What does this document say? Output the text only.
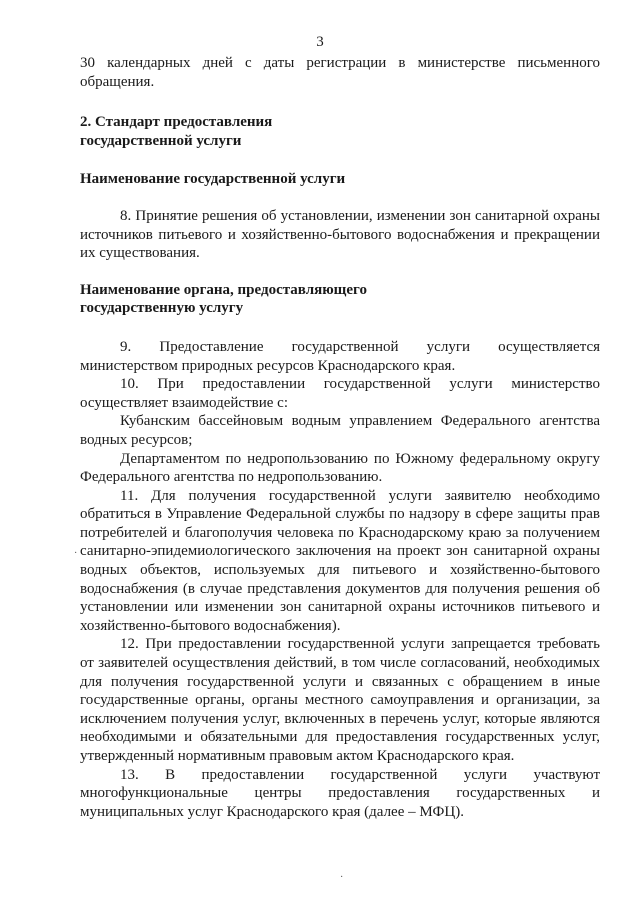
3

30 календарных дней с даты регистрации в министерстве письменного обращения.

2. Стандарт предоставления

государственной услуги

Наименование государственной услуги

8. Принятие решения об установлении, изменении зон санитарной охраны источников питьевого и хозяйственно-бытового водоснабжения и прекращении их существования.

Наименование органа, предоставляющего

государственную услугу

9. Предоставление государственной услуги осуществляется министерством природных ресурсов Краснодарского края.

10. При предоставлении государственной услуги министерство осуществляет взаимодействие с:

Кубанским бассейновым водным управлением Федерального агентства водных ресурсов;

Департаментом по недропользованию по Южному федеральному округу Федерального агентства по недропользованию.

11. Для получения государственной услуги заявителю необходимо обратиться в Управление Федеральной службы по надзору в сфере защиты прав потребителей и благополучия человека по Краснодарскому краю за получением санитарно-эпидемиологического заключения на проект зон санитарной охраны водных объектов, используемых для питьевого и хозяйственно-бытового водоснабжения (в случае представления документов для получения решения об установлении или изменении зон санитарной охраны источников питьевого и хозяйственно-бытового водоснабжения).

12. При предоставлении государственной услуги запрещается требовать от заявителей осуществления действий, в том числе согласований, необходимых для получения государственной услуги и связанных с обращением в иные государственные органы, органы местного самоуправления и организации, за исключением получения услуг, включенных в перечень услуг, которые являются необходимыми и обязательными для предоставления государственных услуг, утвержденный нормативным правовым актом Краснодарского края.

13. В предоставлении государственной услуги участвуют многофункциональные центры предоставления государственных и муниципальных услуг Краснодарского края (далее – МФЦ).

·
·
